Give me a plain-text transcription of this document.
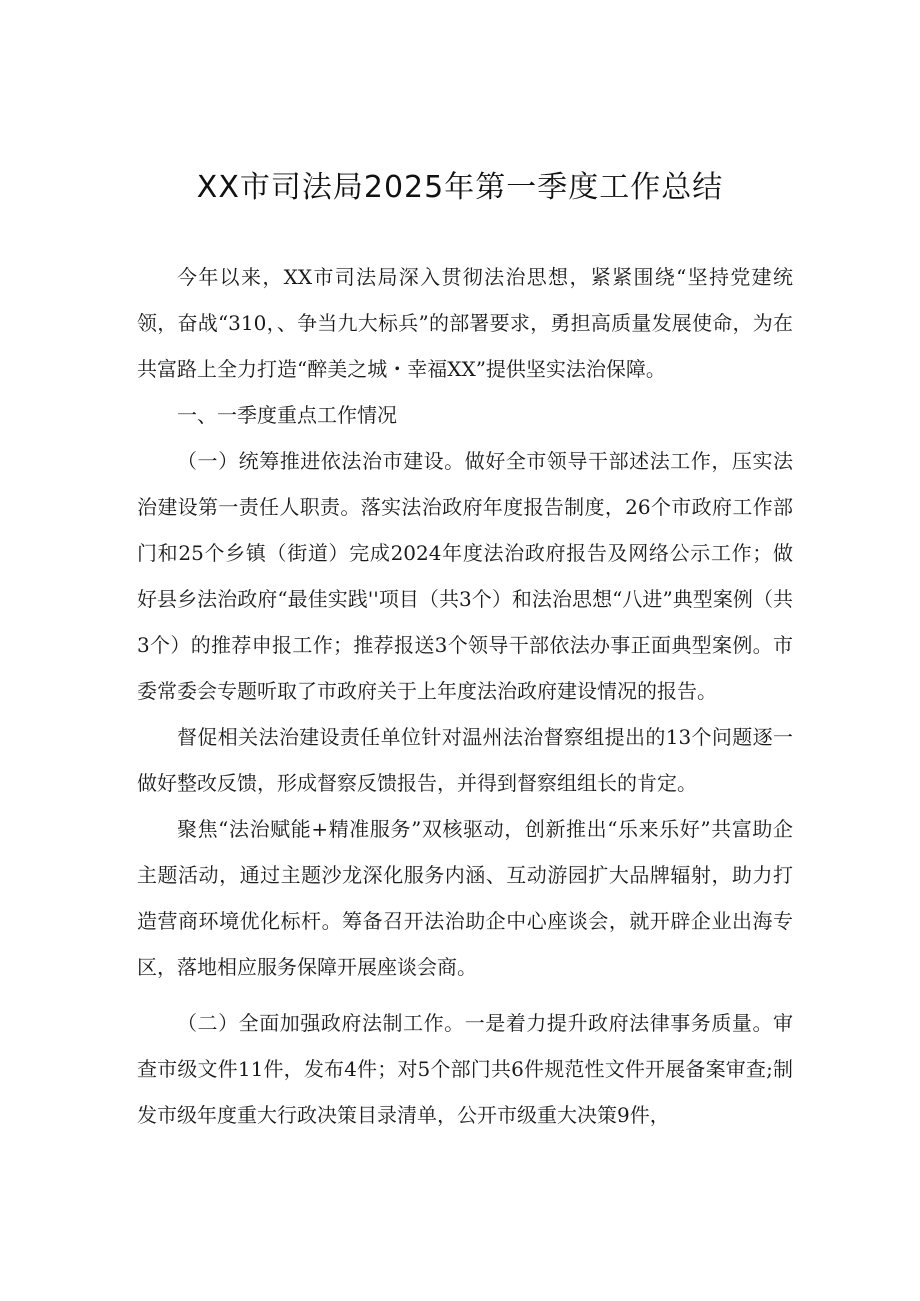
XX市司法局2025年第一季度工作总结

今年以来，XX市司法局深入贯彻法治思想，紧紧围绕“坚持党建统领，奋战“310，、争当九大标兵”的部署要求，勇担高质量发展使命，为在共富路上全力打造“醉美之城・幸福XX”提供坚实法治保障。

一、一季度重点工作情况

（一）统筹推进依法治市建设。做好全市领导干部述法工作，压实法治建设第一责任人职责。落实法治政府年度报告制度，26个市政府工作部门和25个乡镇（街道）完成2024年度法治政府报告及网络公示工作；做好县乡法治政府“最佳实践''项目（共3个）和法治思想“八进”典型案例（共3个）的推荐申报工作；推荐报送3个领导干部依法办事正面典型案例。市委常委会专题听取了市政府关于上年度法治政府建设情况的报告。

督促相关法治建设责任单位针对温州法治督察组提出的13个问题逐一做好整改反馈，形成督察反馈报告，并得到督察组组长的肯定。

聚焦“法治赋能+精准服务”双核驱动，创新推出“乐来乐好”共富助企主题活动，通过主题沙龙深化服务内涵、互动游园扩大品牌辐射，助力打造营商环境优化标杆。筹备召开法治助企中心座谈会，就开辟企业出海专区，落地相应服务保障开展座谈会商。

（二）全面加强政府法制工作。一是着力提升政府法律事务质量。审查市级文件11件，发布4件；对5个部门共6件规范性文件开展备案审查;制发市级年度重大行政决策目录清单，公开市级重大决策9件，
